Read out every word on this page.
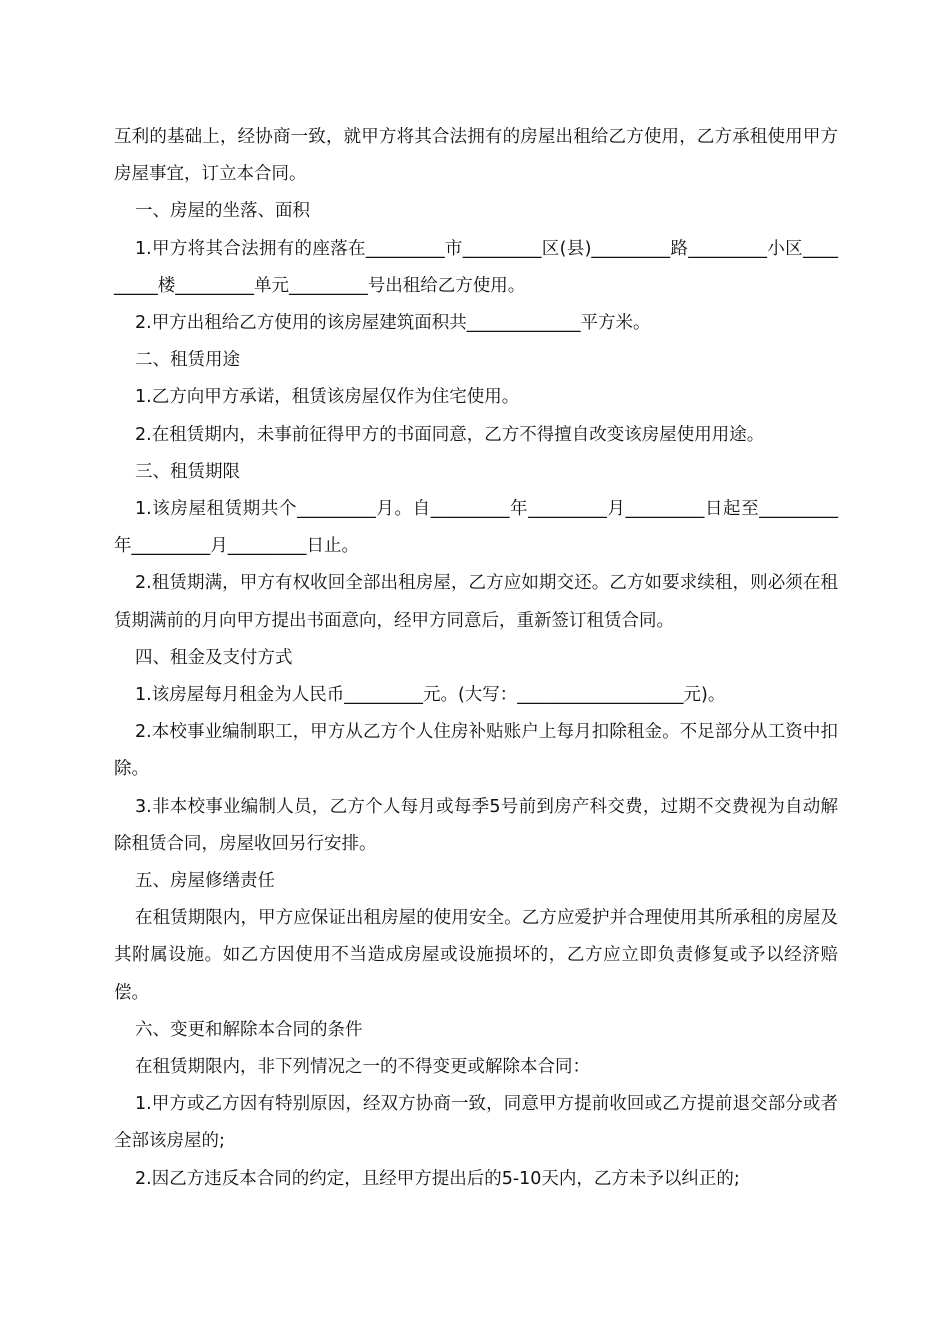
互利的基础上，经协商一致，就甲方将其合法拥有的房屋出租给乙方使用，乙方承租使用甲方房屋事宜，订立本合同。

一、房屋的坐落、面积

1.甲方将其合法拥有的座落在_________市_________区(县)_________路_________小区_________楼_________单元_________号出租给乙方使用。

2.甲方出租给乙方使用的该房屋建筑面积共_____________平方米。

二、租赁用途

1.乙方向甲方承诺，租赁该房屋仅作为住宅使用。

2.在租赁期内，未事前征得甲方的书面同意，乙方不得擅自改变该房屋使用用途。

三、租赁期限

1.该房屋租赁期共个_________月。自_________年_________月_________日起至_________年_________月_________日止。

2.租赁期满，甲方有权收回全部出租房屋，乙方应如期交还。乙方如要求续租，则必须在租赁期满前的月向甲方提出书面意向，经甲方同意后，重新签订租赁合同。

四、租金及支付方式

1.该房屋每月租金为人民币_________元。(大写：___________________元)。

2.本校事业编制职工，甲方从乙方个人住房补贴账户上每月扣除租金。不足部分从工资中扣除。

3.非本校事业编制人员，乙方个人每月或每季5号前到房产科交费，过期不交费视为自动解除租赁合同，房屋收回另行安排。

五、房屋修缮责任

在租赁期限内，甲方应保证出租房屋的使用安全。乙方应爱护并合理使用其所承租的房屋及其附属设施。如乙方因使用不当造成房屋或设施损坏的，乙方应立即负责修复或予以经济赔偿。

六、变更和解除本合同的条件

在租赁期限内，非下列情况之一的不得变更或解除本合同：

1.甲方或乙方因有特别原因，经双方协商一致，同意甲方提前收回或乙方提前退交部分或者全部该房屋的;

2.因乙方违反本合同的约定，且经甲方提出后的5-10天内，乙方未予以纠正的;
